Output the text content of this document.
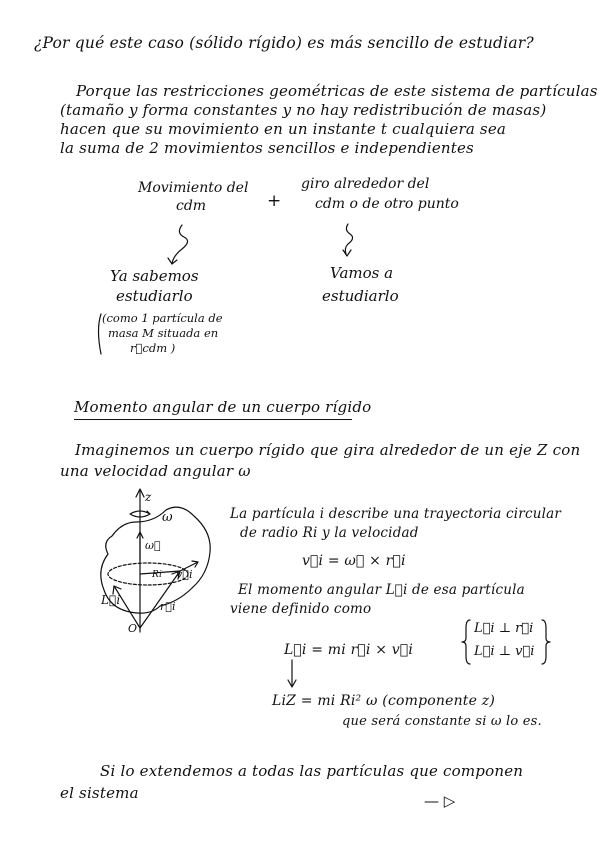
¿Por qué este caso (sólido rígido) es más sencillo de estudiar?
Porque las restricciones geométricas de este sistema de partículas
(tamaño y forma constantes y no hay redistribución de masas)
hacen que su movimiento en un instante t cualquiera sea
la suma de 2 movimientos sencillos e independientes
Movimiento del
cdm	+
giro alrededor del
cdm o de otro punto
Ya sabemos
estudiarlo
(como 1 partícula de
masa M situada en
r⃗cdm )
Vamos a
estudiarlo
Momento angular de un cuerpo rígido
Imaginemos un cuerpo rígido que gira alrededor de un eje Z con
una velocidad angular ω
La partícula i describe una trayectoria circular
de radio Ri y la velocidad
v⃗i = ω⃗ × r⃗i
El momento angular L⃗i de esa partícula
viene definido como
L⃗i = mi r⃗i × v⃗i
L⃗i ⊥ r⃗i
L⃗i ⊥ v⃗i
LiZ = mi Ri² ω (componente z)
que será constante si ω lo es.
z
ω
ω⃗
Ri v⃗i
r⃗i
L⃗i
O
Si lo extendemos a todas las partículas que componen
el sistema	— ▷
